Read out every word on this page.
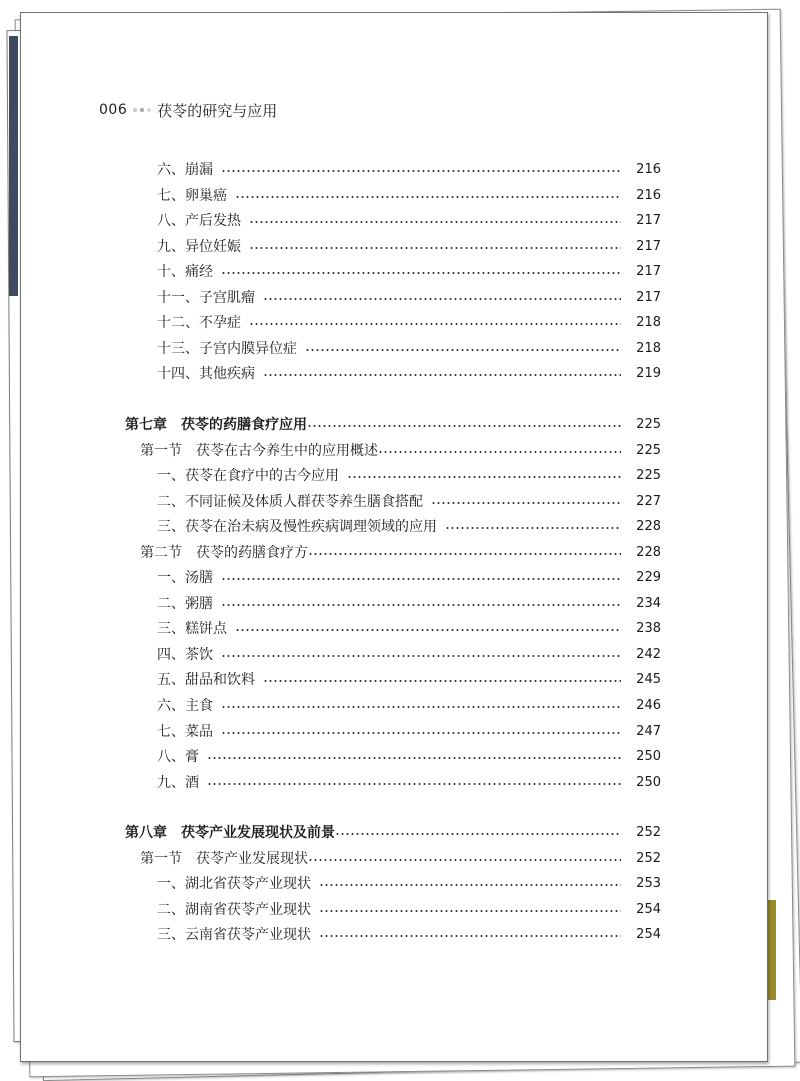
006 茯苓的研究与应用
六、崩漏	216
七、卵巢癌	216
八、产后发热	217
九、异位妊娠	217
十、痛经	217
十一、子宫肌瘤	217
十二、不孕症	218
十三、子宫内膜异位症	218
十四、其他疾病	219
第七章　茯苓的药膳食疗应用	225
第一节　茯苓在古今养生中的应用概述	225
一、茯苓在食疗中的古今应用	225
二、不同证候及体质人群茯苓养生膳食搭配	227
三、茯苓在治未病及慢性疾病调理领域的应用	228
第二节　茯苓的药膳食疗方	228
一、汤膳	229
二、粥膳	234
三、糕饼点	238
四、茶饮	242
五、甜品和饮料	245
六、主食	246
七、菜品	247
八、膏	250
九、酒	250
第八章　茯苓产业发展现状及前景	252
第一节　茯苓产业发展现状	252
一、湖北省茯苓产业现状	253
二、湖南省茯苓产业现状	254
三、云南省茯苓产业现状	254
